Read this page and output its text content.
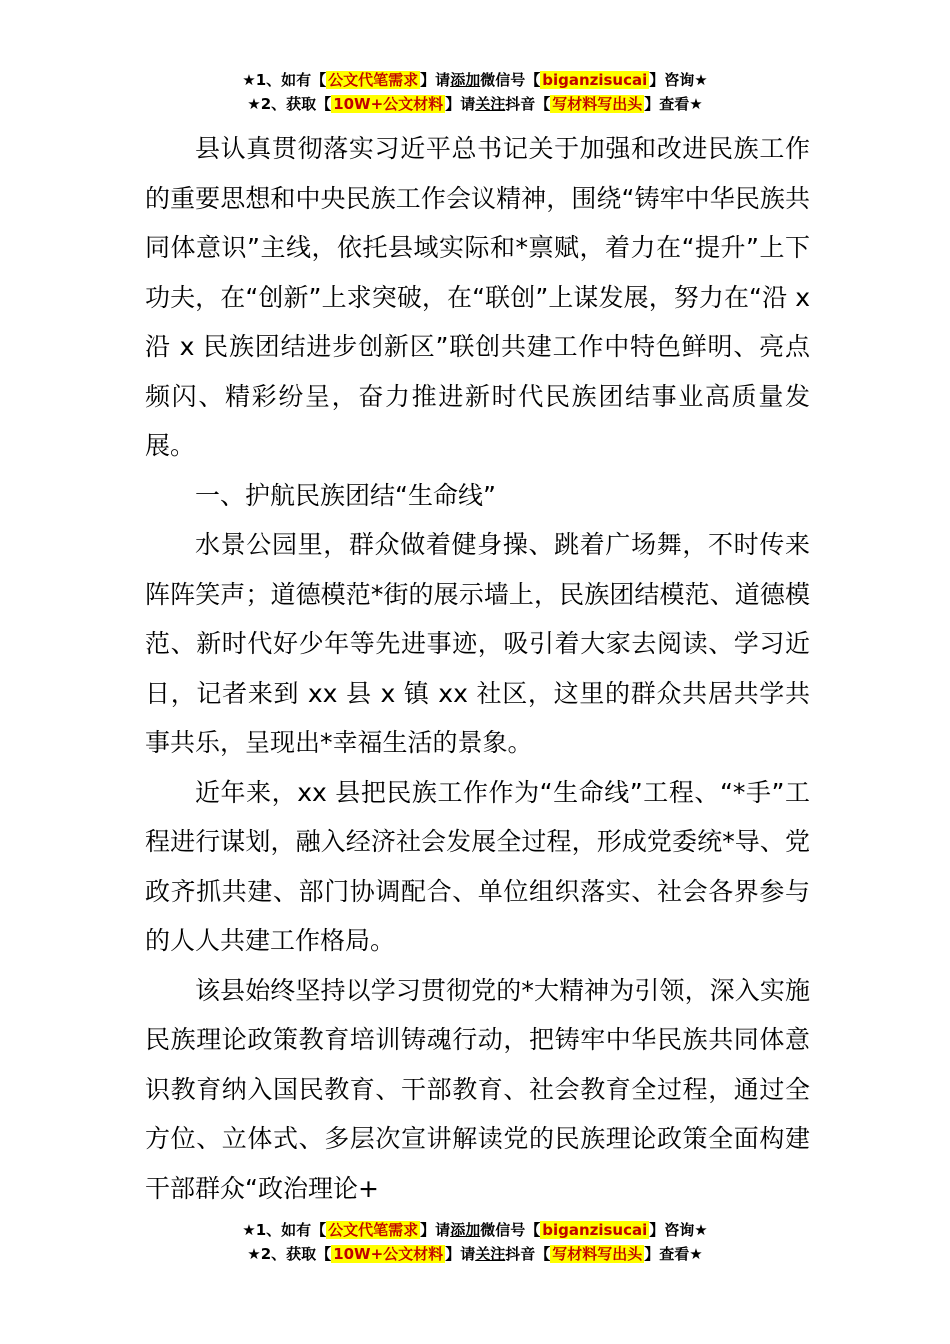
★1、如有【 公文代笔需求 】请添加微信号【 biganzisucai 】咨询★
★2、获取【 10W+公文材料 】请关注抖音【 写材料写出头 】查看★

县认真贯彻落实习近平总书记关于加强和改进民族工作的重要思想和中央民族工作会议精神，围绕“铸牢中华民族共同体意识”主线，依托县域实际和*禀赋，着力在“提升”上下功夫，在“创新”上求突破，在“联创”上谋发展，努力在“沿 x 沿 x 民族团结进步创新区”联创共建工作中特色鲜明、亮点频闪、精彩纷呈，奋力推进新时代民族团结事业高质量发展。

一、护航民族团结“生命线”

水景公园里，群众做着健身操、跳着广场舞，不时传来阵阵笑声；道德模范*街的展示墙上，民族团结模范、道德模范、新时代好少年等先进事迹，吸引着大家去阅读、学习近日，记者来到 xx 县 x 镇 xx 社区，这里的群众共居共学共事共乐，呈现出*幸福生活的景象。

近年来，xx 县把民族工作作为“生命线”工程、“*手”工程进行谋划，融入经济社会发展全过程，形成党委统*导、党政齐抓共建、部门协调配合、单位组织落实、社会各界参与的人人共建工作格局。

该县始终坚持以学习贯彻党的*大精神为引领，深入实施民族理论政策教育培训铸魂行动，把铸牢中华民族共同体意识教育纳入国民教育、干部教育、社会教育全过程，通过全方位、立体式、多层次宣讲解读党的民族理论政策全面构建干部群众“政治理论+

★1、如有【 公文代笔需求 】请添加微信号【 biganzisucai 】咨询★
★2、获取【 10W+公文材料 】请关注抖音【 写材料写出头 】查看★
